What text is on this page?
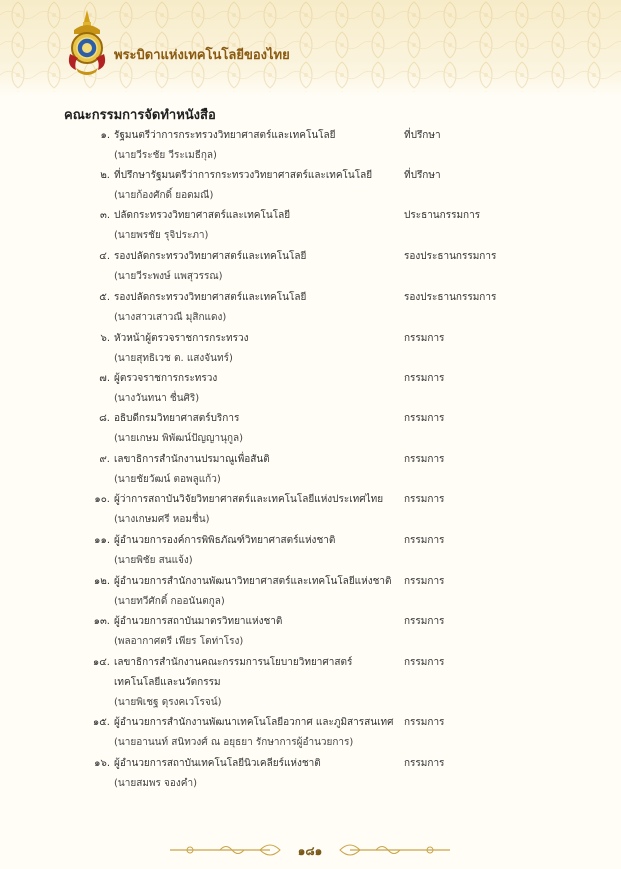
พระบิดาแห่งเทคโนโลยีของไทย
คณะกรรมการจัดทำหนังสือ
๑. รัฐมนตรีว่าการกระทรวงวิทยาศาสตร์และเทคโนโลยี
(นายวีระชัย วีระเมธีกุล)
ที่ปรึกษา
๒. ที่ปรึกษารัฐมนตรีว่าการกระทรวงวิทยาศาสตร์และเทคโนโลยี
(นายก้องศักดิ์ ยอดมณี)
ที่ปรึกษา
๓. ปลัดกระทรวงวิทยาศาสตร์และเทคโนโลยี
(นายพรชัย รุจิประภา)
ประธานกรรมการ
๔. รองปลัดกระทรวงวิทยาศาสตร์และเทคโนโลยี
(นายวีระพงษ์ แพสุวรรณ)
รองประธานกรรมการ
๕. รองปลัดกระทรวงวิทยาศาสตร์และเทคโนโลยี
(นางสาวเสาวณี มุสิกแดง)
รองประธานกรรมการ
๖. หัวหน้าผู้ตรวจราชการกระทรวง
(นายสุทธิเวช ต. แสงจันทร์)
กรรมการ
๗. ผู้ตรวจราชการกระทรวง
(นางวันทนา ชื่นศิริ)
กรรมการ
๘. อธิบดีกรมวิทยาศาสตร์บริการ
(นายเกษม พิพัฒน์ปัญญานุกูล)
กรรมการ
๙. เลขาธิการสำนักงานปรมาณูเพื่อสันติ
(นายชัยวัฒน์ ตอพลูแก้ว)
กรรมการ
๑๐. ผู้ว่าการสถาบันวิจัยวิทยาศาสตร์และเทคโนโลยีแห่งประเทศไทย
(นางเกษมศรี หอมชื่น)
กรรมการ
๑๑. ผู้อำนวยการองค์การพิพิธภัณฑ์วิทยาศาสตร์แห่งชาติ
(นายพิชัย สนแจ้ง)
กรรมการ
๑๒. ผู้อำนวยการสำนักงานพัฒนาวิทยาศาสตร์และเทคโนโลยีแห่งชาติ
(นายทวีศักดิ์ กออนันตกูล)
กรรมการ
๑๓. ผู้อำนวยการสถาบันมาตรวิทยาแห่งชาติ
(พลอากาศตรี เพียร โตท่าโรง)
กรรมการ
๑๔. เลขาธิการสำนักงานคณะกรรมการนโยบายวิทยาศาสตร์
เทคโนโลยีและนวัตกรรม
(นายพิเชฐ ดุรงคเวโรจน์)
กรรมการ
๑๕. ผู้อำนวยการสำนักงานพัฒนาเทคโนโลยีอวกาศ และภูมิสารสนเทศ
(นายอานนท์ สนิทวงศ์ ณ อยุธยา รักษาการผู้อำนวยการ)
กรรมการ
๑๖. ผู้อำนวยการสถาบันเทคโนโลยีนิวเคลียร์แห่งชาติ
(นายสมพร จองคำ)
กรรมการ
๑๘๑
